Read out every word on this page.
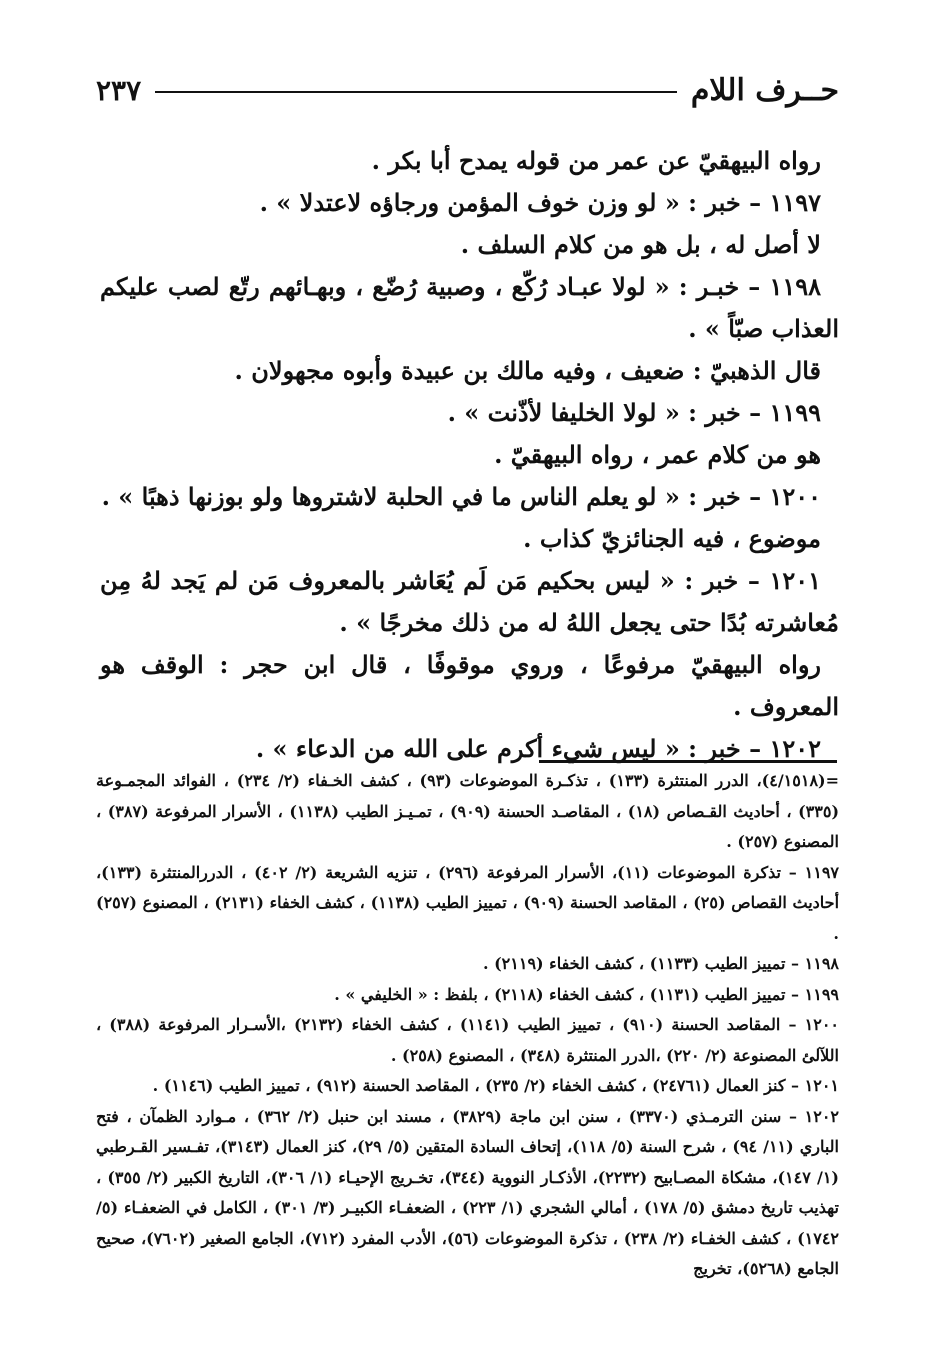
حــرف اللام
٢٣٧

رواه البيهقيّ عن عمر من قوله يمدح أبا بكر .

١١٩٧ – خبر : « لو وزن خوف المؤمن ورجاؤه لاعتدلا » .

لا أصل له ، بل هو من كلام السلف .

١١٩٨ – خبـر : « لولا عبـاد رُكّع ، وصبية رُضّع ، وبهـائهم رتّع لصب عليكم العذاب صبّاً » .

قال الذهبيّ : ضعيف ، وفيه مالك بن عبيدة وأبوه مجهولان .

١١٩٩ – خبر : « لولا الخليفا لأذّنت » .

هو من كلام عمر ، رواه البيهقيّ .

١٢٠٠ – خبر : « لو يعلم الناس ما في الحلبة لاشتروها ولو بوزنها ذهبًا » .

موضوع ، فيه الجنائزيّ كذاب .

١٢٠١ – خبر : « ليس بحكيم مَن لَم يُعَاشر بالمعروف مَن لم يَجد لهُ مِن مُعاشرته بُدًا حتى يجعل اللهُ له من ذلك مخرجًا » .

رواه البيهقيّ مرفوعًا ، وروي موقوفًا ، قال ابن حجر : الوقف هو المعروف .

١٢٠٢ – خبر : « ليس شيء أكرم على الله من الدعاء » .

=(٤/١٥١٨)، الدرر المنتثرة (١٣٣) ، تذكـرة الموضوعات (٩٣) ، كشف الخـفاء (٢/ ٢٣٤) ، الفوائد المجمـوعة (٣٣٥) ، أحاديث القـصاص (١٨) ، المقاصـد الحسنة (٩٠٩) ، تمـيـز الطيب (١١٣٨) ، الأسرار المرفوعة (٣٨٧) ، المصنوع (٢٥٧) .

١١٩٧ – تذكرة الموضوعات (١١)، الأسرار المرفوعة (٢٩٦) ، تنزيه الشريعة (٢/ ٤٠٢) ، الدررالمنتثرة (١٣٣)، أحاديث القصاص (٢٥) ، المقاصد الحسنة (٩٠٩) ، تمييز الطيب (١١٣٨) ، كشف الخفاء (٢١٣١) ، المصنوع (٢٥٧) .

١١٩٨ – تمييز الطيب (١١٣٣) ، كشف الخفاء (٢١١٩) .

١١٩٩ – تمييز الطيب (١١٣١) ، كشف الخفاء (٢١١٨) ، بلفظ : « الخليفي » .

١٢٠٠ – المقاصد الحسنة (٩١٠) ، تمييز الطيب (١١٤١) ، كشف الخفاء (٢١٣٢) ،الأسـرار المرفوعة (٣٨٨) ، اللآلئ المصنوعة (٢/ ٢٢٠) ،الدرر المنتثرة (٣٤٨) ، المصنوع (٢٥٨) .

١٢٠١ – كنز العمال (٢٤٧٦١) ، كشف الخفاء (٢/ ٢٣٥) ، المقاصد الحسنة (٩١٢) ، تمييز الطيب (١١٤٦) .

١٢٠٢ – سنن الترمـذي (٣٣٧٠) ، سنن ابن ماجة (٣٨٢٩) ، مسند ابن حنبل (٢/ ٣٦٢) ، مـوارد الظمآن ، فتح الباري (١١/ ٩٤) ، شرح السنة (٥/ ١١٨)، إتحاف السادة المتقين (٥/ ٢٩)، كنز العمال (٣١٤٣)، تفـسير القـرطبي (١/ ١٤٧)، مشكاة المصـابيح (٢٢٣٢)، الأذكـار النووية (٣٤٤)، تخـريج الإحيـاء (١/ ٣٠٦)، التاريخ الكبير (٢/ ٣٥٥) ، تهذيب تاريخ دمشق (٥/ ١٧٨) ، أمالي الشجري (١/ ٢٢٣) ، الضعفـاء الكبيـر (٣/ ٣٠١) ، الكامل في الضعفـاء (٥/ ١٧٤٢) ، كشف الخفـاء (٢/ ٢٣٨) ، تذكرة الموضوعات (٥٦)، الأدب المفرد (٧١٢)، الجامع الصغير (٧٦٠٢)، صحيح الجامع (٥٢٦٨)، تخريج
